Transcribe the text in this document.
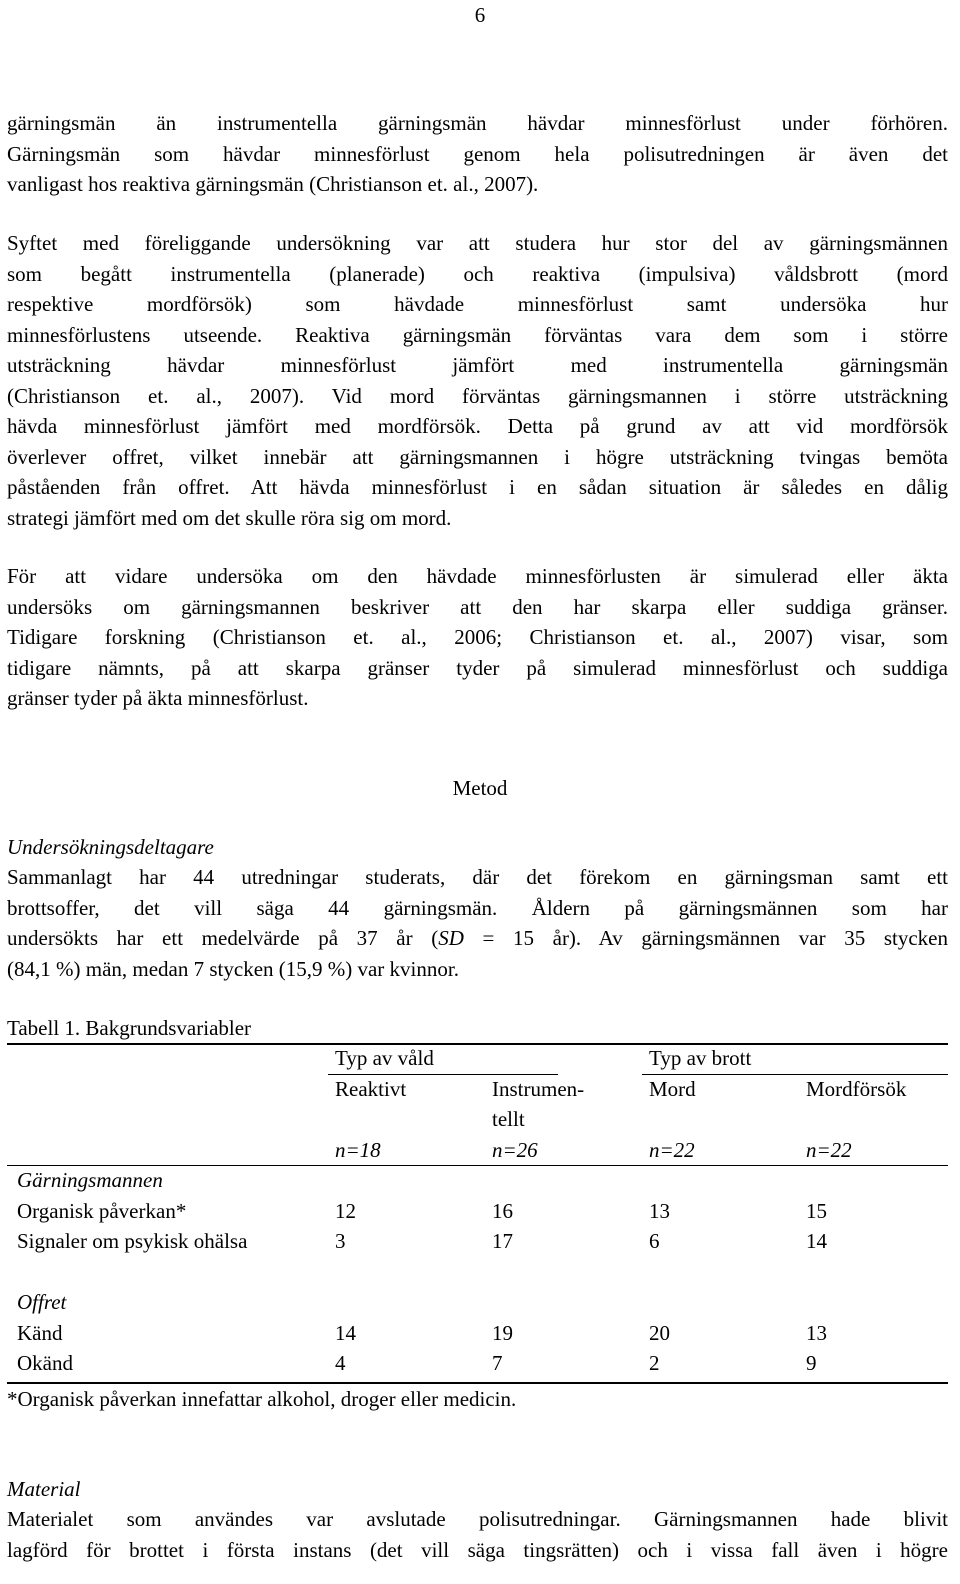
6

gärningsmän än instrumentella gärningsmän hävdar minnesförlust under förhören.
Gärningsmän som hävdar minnesförlust genom hela polisutredningen är även det
vanligast hos reaktiva gärningsmän (Christianson et. al., 2007).

Syftet med föreliggande undersökning var att studera hur stor del av gärningsmännen
som begått instrumentella (planerade) och reaktiva (impulsiva) våldsbrott (mord
respektive mordförsök) som hävdade minnesförlust samt undersöka hur
minnesförlustens utseende. Reaktiva gärningsmän förväntas vara dem som i större
utsträckning hävdar minnesförlust jämfört med instrumentella gärningsmän
(Christianson et. al., 2007). Vid mord förväntas gärningsmannen i större utsträckning
hävda minnesförlust jämfört med mordförsök. Detta på grund av att vid mordförsök
överlever offret, vilket innebär att gärningsmannen i högre utsträckning tvingas bemöta
påståenden från offret. Att hävda minnesförlust i en sådan situation är således en dålig
strategi jämfört med om det skulle röra sig om mord.

För att vidare undersöka om den hävdade minnesförlusten är simulerad eller äkta
undersöks om gärningsmannen beskriver att den har skarpa eller suddiga gränser.
Tidigare forskning (Christianson et. al., 2006; Christianson et. al., 2007) visar, som
tidigare nämnts, på att skarpa gränser tyder på simulerad minnesförlust och suddiga
gränser tyder på äkta minnesförlust.

Metod
Undersökningsdeltagare

Sammanlagt har 44 utredningar studerats, där det förekom en gärningsman samt ett
brottsoffer, det vill säga 44 gärningsmän. Åldern på gärningsmännen som har
undersökts har ett medelvärde på 37 år (SD = 15 år). Av gärningsmännen var 35 stycken
(84,1 %) män, medan 7 stycken (15,9 %) var kvinnor.

Tabell 1. Bakgrundsvariabler
	Typ av våld		Typ av brott	
	Reaktivt	Instrumen-	Mord	Mordförsök
		tellt		
	n=18	n=26	n=22	n=22
Gärningsmannen				
Organisk påverkan*	12	16	13	15
Signaler om psykisk ohälsa	3	17	6	14

Offret				
Känd	14	19	20	13
Okänd	4	7	2	9
*Organisk påverkan innefattar alkohol, droger eller medicin.
Material

Materialet som användes var avslutade polisutredningar. Gärningsmannen hade blivit
lagförd för brottet i första instans (det vill säga tingsrätten) och i vissa fall även i högre
